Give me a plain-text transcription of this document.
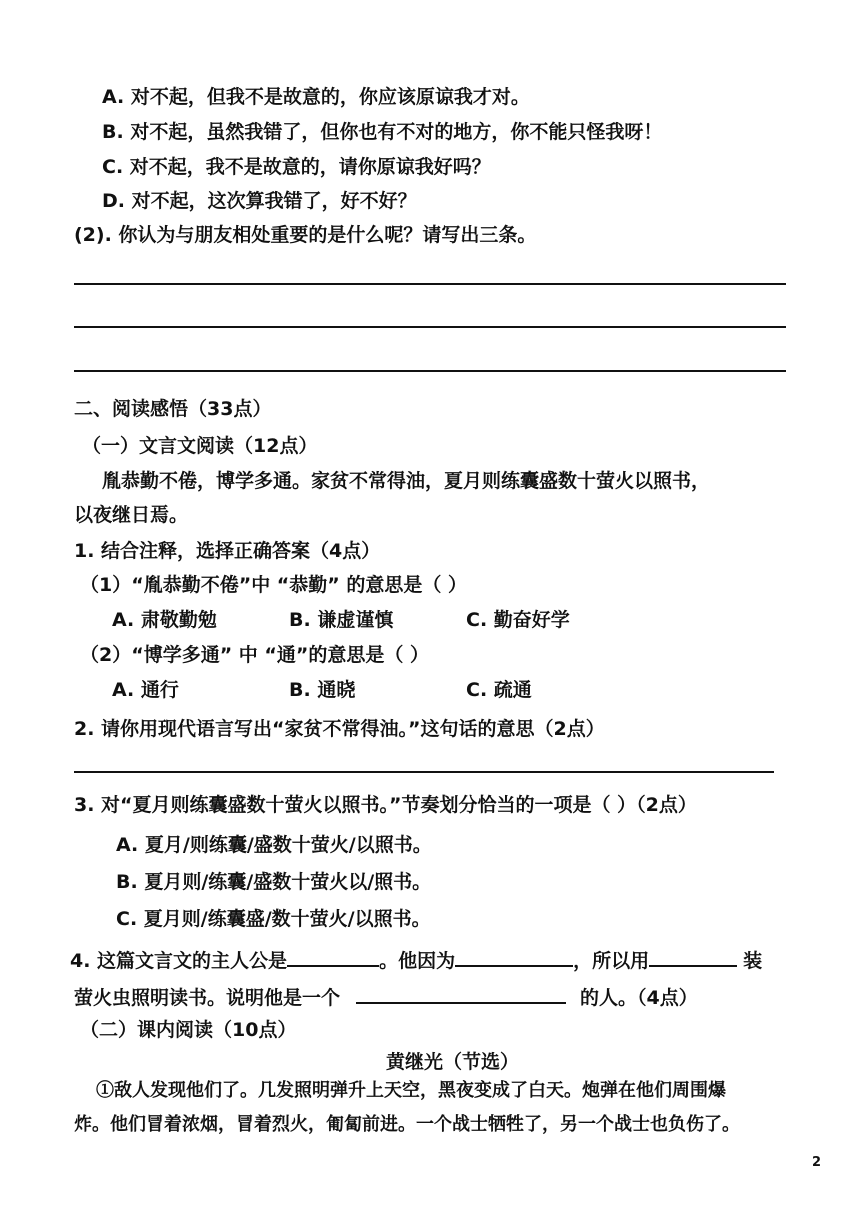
A. 对不起，但我不是故意的，你应该原谅我才对。
B. 对不起，虽然我错了，但你也有不对的地方，你不能只怪我呀！
C. 对不起，我不是故意的，请你原谅我好吗？
D. 对不起，这次算我错了，好不好？
(2). 你认为与朋友相处重要的是什么呢？请写出三条。
二、阅读感悟（33点）
（一）文言文阅读（12点）
胤恭勤不倦，博学多通。家贫不常得油，夏月则练囊盛数十萤火以照书，
以夜继日焉。
1. 结合注释，选择正确答案（4点）
（1）“胤恭勤不倦”中 “恭勤” 的意思是（ ）
A. 肃敬勤勉	B. 谦虚谨慎	C. 勤奋好学
（2）“博学多通” 中 “通”的意思是（ ）
A. 通行	B. 通晓	C. 疏通
2. 请你用现代语言写出“家贫不常得油。”这句话的意思（2点）
3. 对“夏月则练囊盛数十萤火以照书。”节奏划分恰当的一项是（ ）（2点）
A. 夏月/则练囊/盛数十萤火/以照书。
B. 夏月则/练囊/盛数十萤火以/照书。
C. 夏月则/练囊盛/数十萤火/以照书。
4. 这篇文言文的主人公是	。他因为	，所以用	装
萤火虫照明读书。说明他是一个	的人。（4点）
（二）课内阅读（10点）
黄继光（节选）
①敌人发现他们了。几发照明弹升上天空，黑夜变成了白天。炮弹在他们周围爆
炸。他们冒着浓烟，冒着烈火，匍匐前进。一个战士牺牲了，另一个战士也负伤了。
2
